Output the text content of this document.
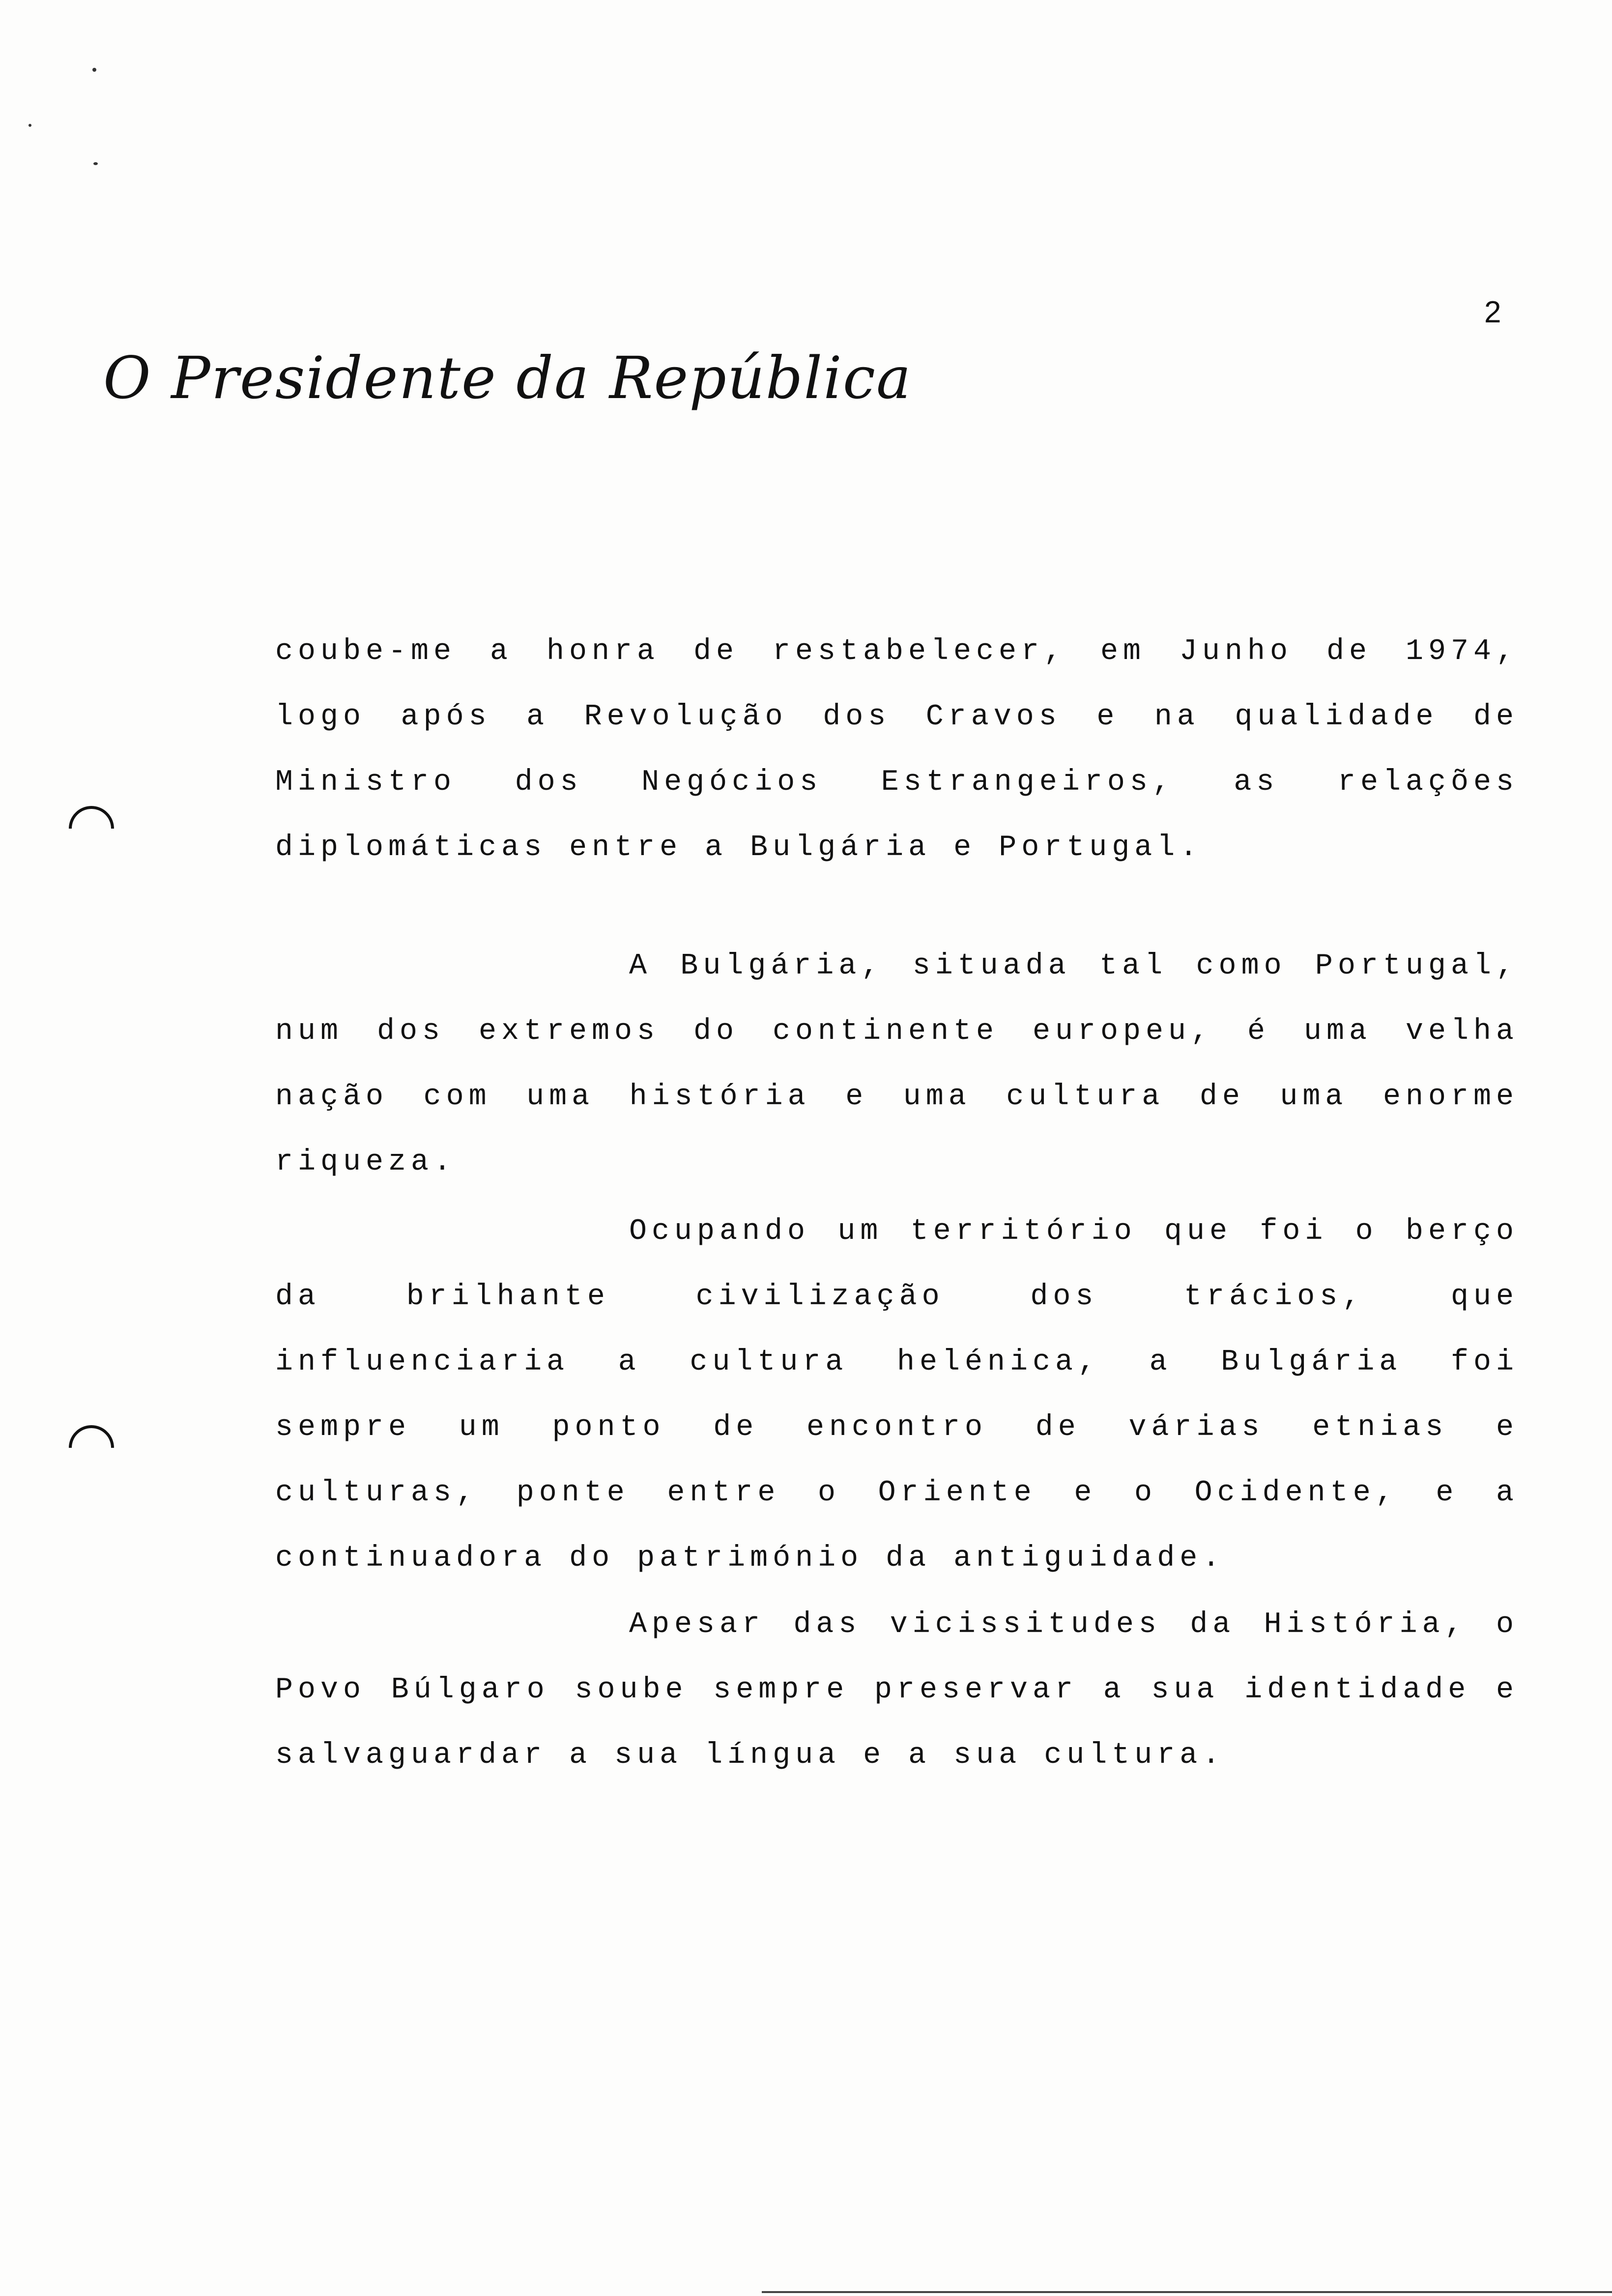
2
O Presidente da República

coube-me a honra de restabelecer, em Junho de 1974, logo após a Revolução dos Cravos e na qualidade de Ministro dos Negócios Estrangeiros, as relações diplomáticas entre a Bulgária e Portugal.

A Bulgária, situada tal como Portugal, num dos extremos do continente europeu, é uma velha nação com uma história e uma cultura de uma enorme riqueza.

Ocupando um território que foi o berço da brilhante civilização dos trácios, que influenciaria a cultura helénica, a Bulgária foi sempre um ponto de encontro de várias etnias e culturas, ponte entre o Oriente e o Ocidente, e a continuadora do património da antiguidade.

Apesar das vicissitudes da História, o Povo Búlgaro soube sempre preservar a sua identidade e salvaguardar a sua língua e a sua cultura.
